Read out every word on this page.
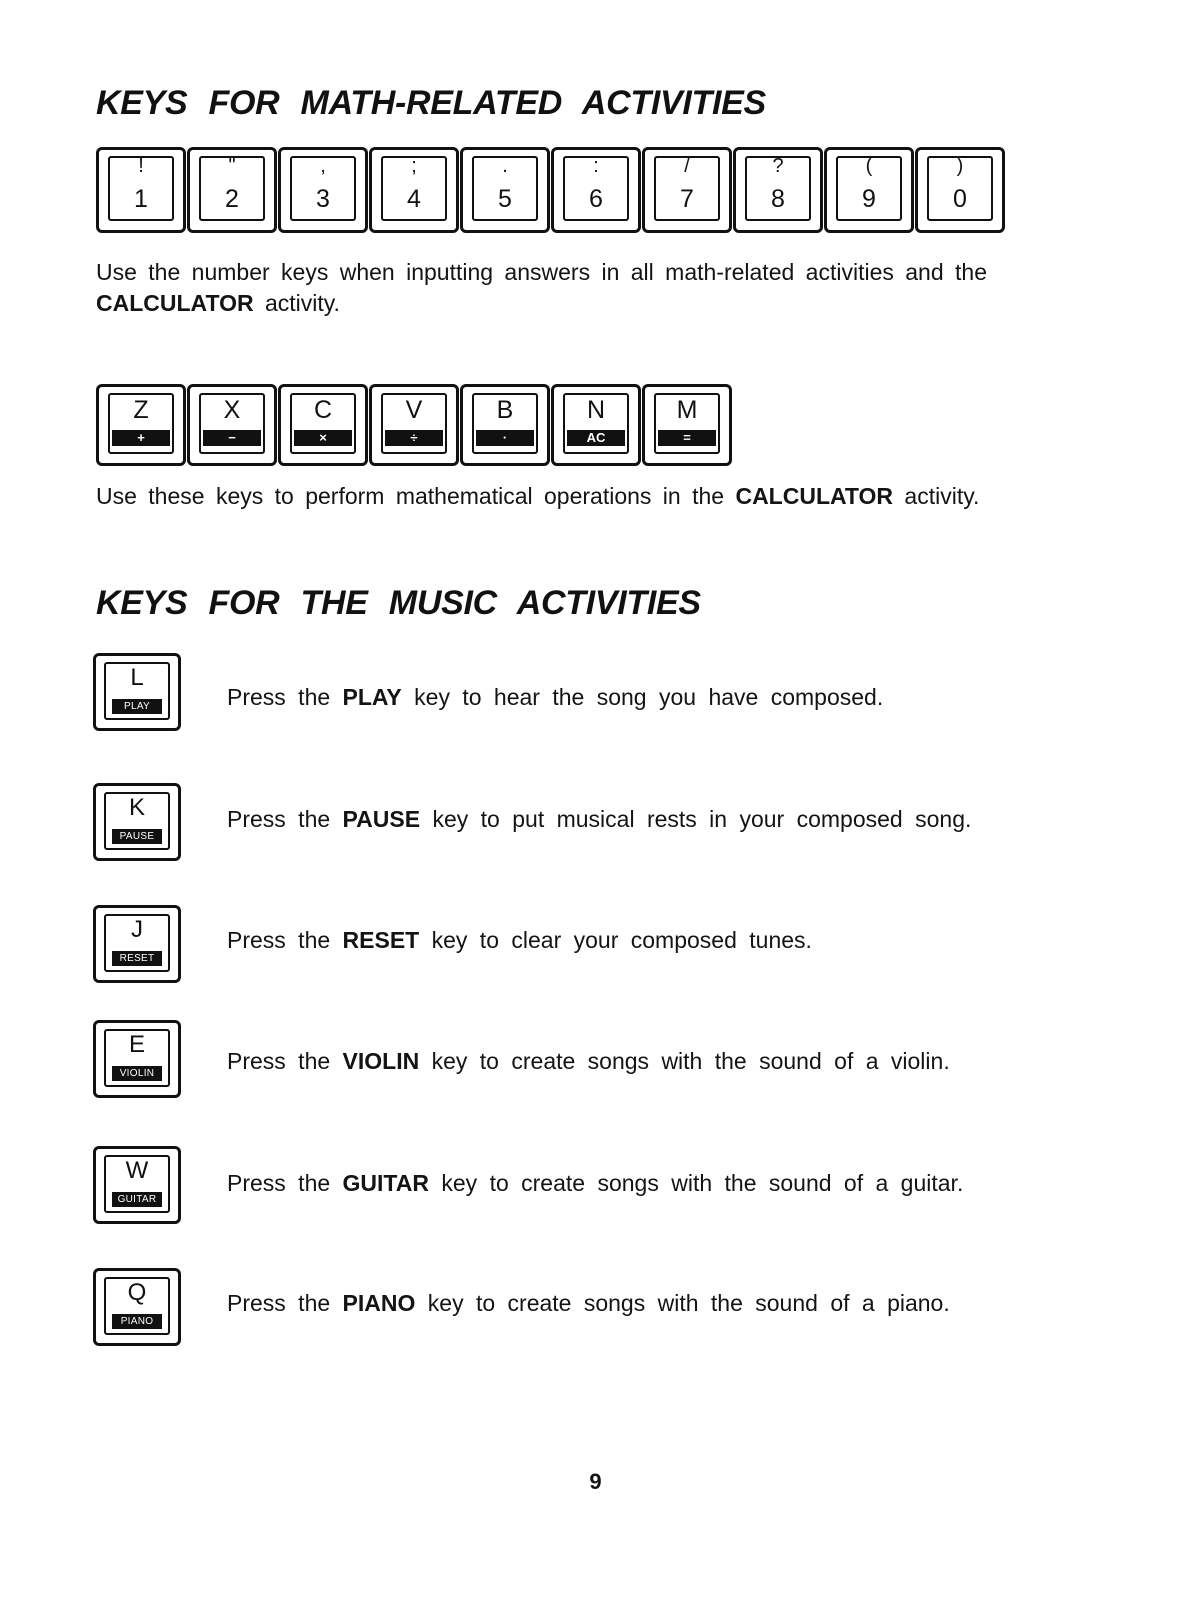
KEYS FOR MATH-RELATED ACTIVITIES
!
1
"
2
,
3
;
4
.
5
:
6
/
7
?
8
(
9
)
0

Use the number keys when inputting answers in all math-related activities and the CALCULATOR activity.

Z
+
X
−
C
×
V
÷
B
·
N
AC
M
=

Use these keys to perform mathematical operations in the CALCULATOR activity.

KEYS FOR THE MUSIC ACTIVITIES
L
PLAY	Press the PLAY key to hear the song you have composed.

K
PAUSE

Press the PAUSE key to put musical rests in your composed song.

J
RESET

Press the RESET key to clear your composed tunes.

E
VIOLIN	Press the VIOLIN key to create songs with the sound of a violin.

W
GUITAR

Press the GUITAR key to create songs with the sound of a guitar.

Q
PIANO

Press the PIANO key to create songs with the sound of a piano.

9
